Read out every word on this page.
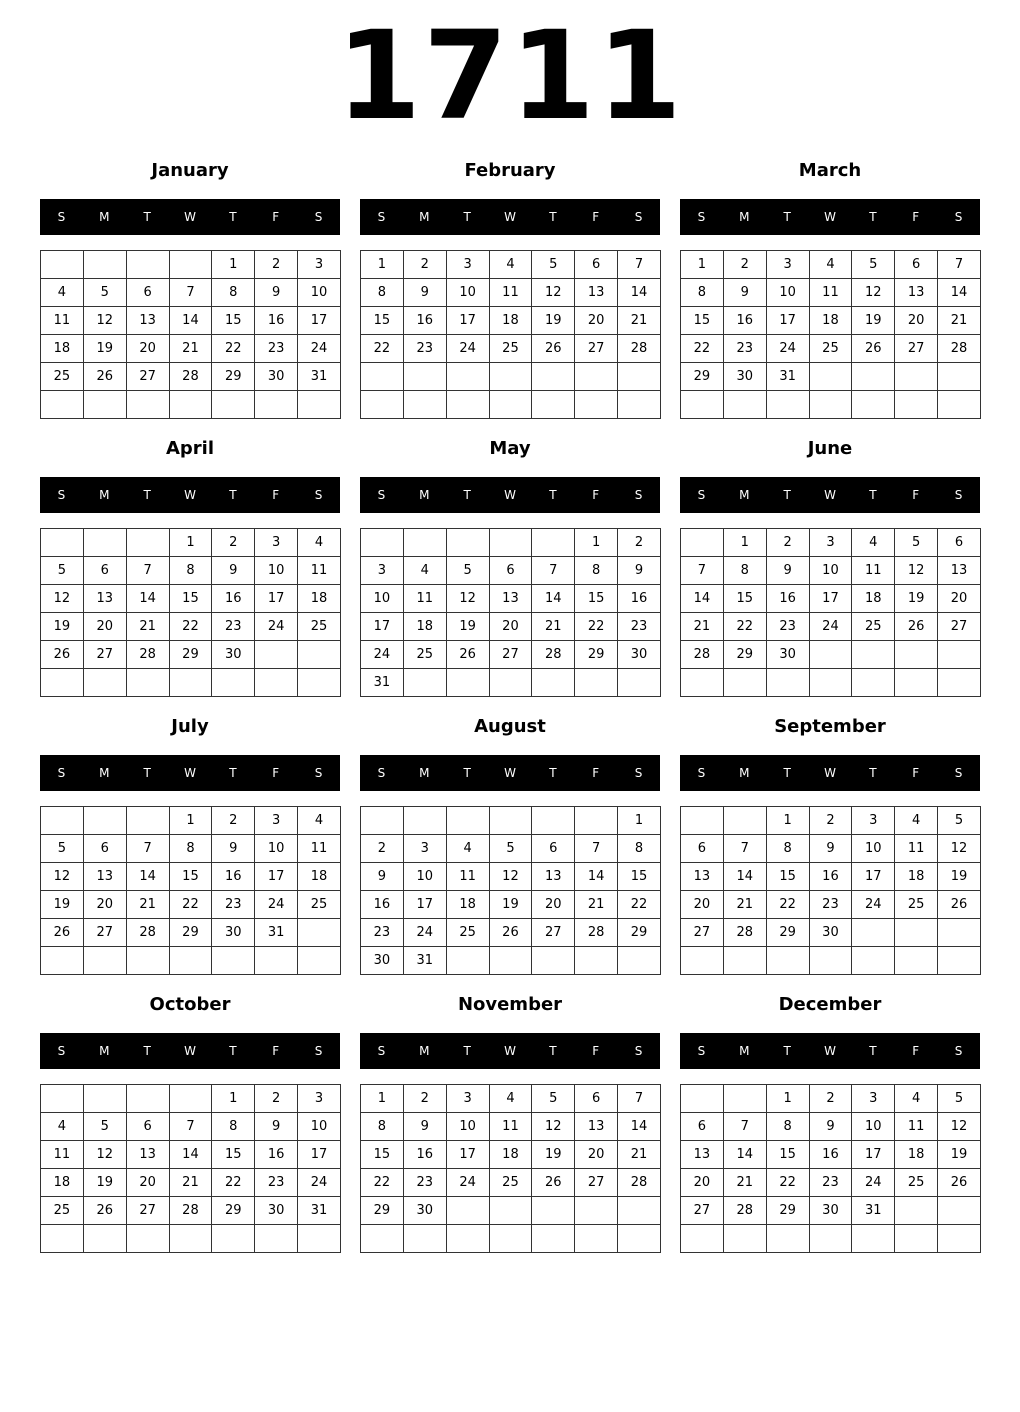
1711
January
S	M	T	W	T	F	S
				1	2	3
4	5	6	7	8	9	10
11	12	13	14	15	16	17
18	19	20	21	22	23	24
25	26	27	28	29	30	31

February
S	M	T	W	T	F	S
1	2	3	4	5	6	7
8	9	10	11	12	13	14
15	16	17	18	19	20	21
22	23	24	25	26	27	28

March
S	M	T	W	T	F	S
1	2	3	4	5	6	7
8	9	10	11	12	13	14
15	16	17	18	19	20	21
22	23	24	25	26	27	28
29	30	31				

April
S	M	T	W	T	F	S
			1	2	3	4
5	6	7	8	9	10	11
12	13	14	15	16	17	18
19	20	21	22	23	24	25
26	27	28	29	30		

May
S	M	T	W	T	F	S
					1	2
3	4	5	6	7	8	9
10	11	12	13	14	15	16
17	18	19	20	21	22	23
24	25	26	27	28	29	30
31						
June
S	M	T	W	T	F	S
	1	2	3	4	5	6
7	8	9	10	11	12	13
14	15	16	17	18	19	20
21	22	23	24	25	26	27
28	29	30				

July
S	M	T	W	T	F	S
			1	2	3	4
5	6	7	8	9	10	11
12	13	14	15	16	17	18
19	20	21	22	23	24	25
26	27	28	29	30	31	

August
S	M	T	W	T	F	S
						1
2	3	4	5	6	7	8
9	10	11	12	13	14	15
16	17	18	19	20	21	22
23	24	25	26	27	28	29
30	31					
September
S	M	T	W	T	F	S
		1	2	3	4	5
6	7	8	9	10	11	12
13	14	15	16	17	18	19
20	21	22	23	24	25	26
27	28	29	30			

October
S	M	T	W	T	F	S
				1	2	3
4	5	6	7	8	9	10
11	12	13	14	15	16	17
18	19	20	21	22	23	24
25	26	27	28	29	30	31

November
S	M	T	W	T	F	S
1	2	3	4	5	6	7
8	9	10	11	12	13	14
15	16	17	18	19	20	21
22	23	24	25	26	27	28
29	30					

December
S	M	T	W	T	F	S
		1	2	3	4	5
6	7	8	9	10	11	12
13	14	15	16	17	18	19
20	21	22	23	24	25	26
27	28	29	30	31		
